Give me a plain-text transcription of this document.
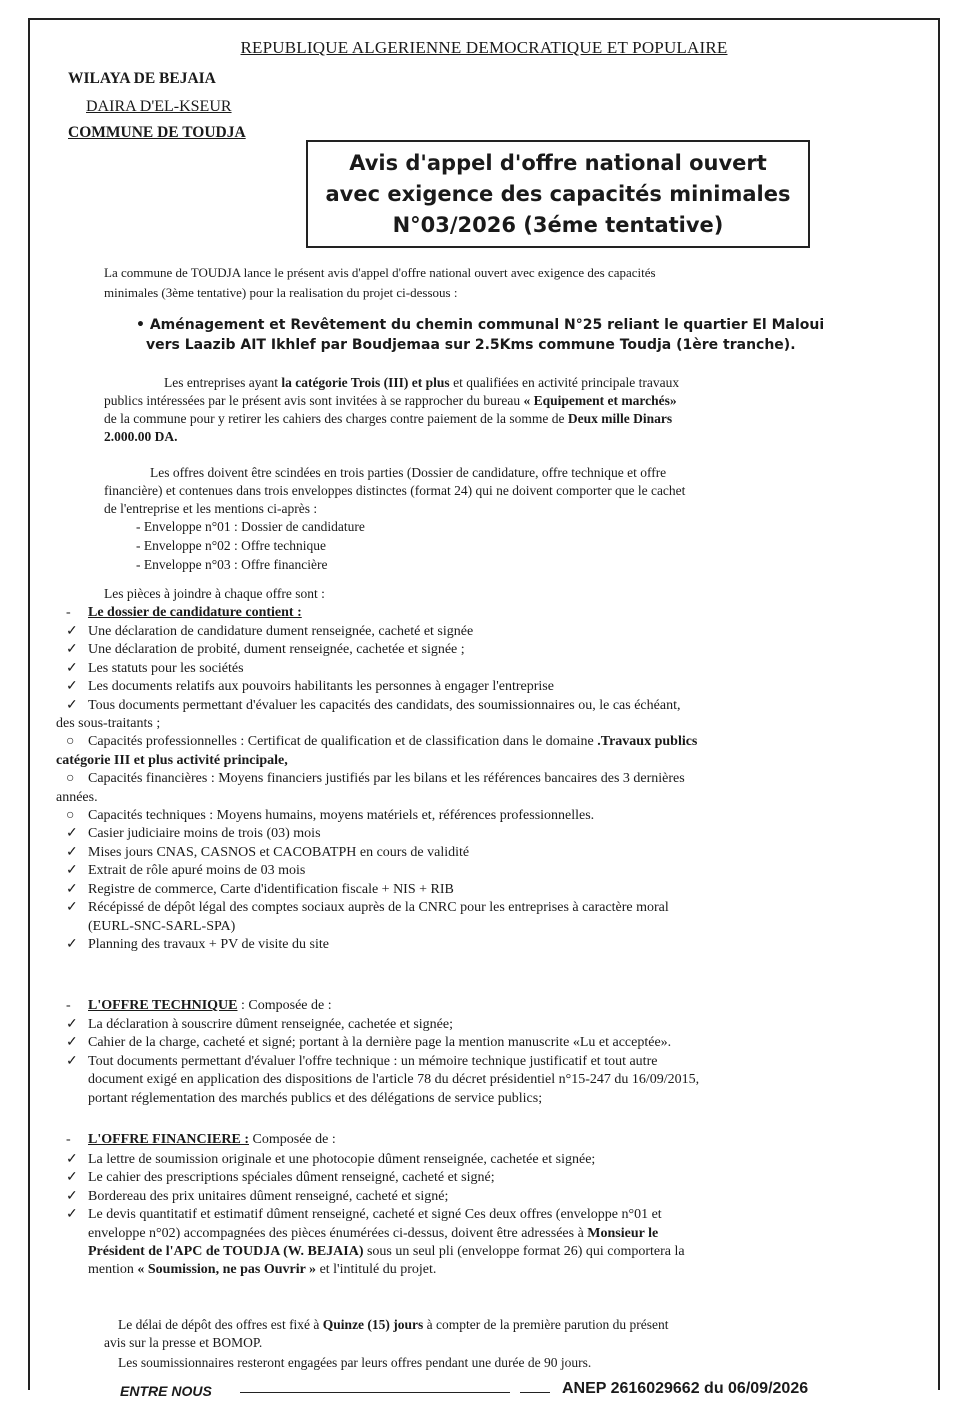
REPUBLIQUE ALGERIENNE DEMOCRATIQUE ET POPULAIRE
WILAYA DE BEJAIA
DAIRA D'EL-KSEUR
COMMUNE DE TOUDJA
Avis d'appel d'offre national ouvert
avec exigence des capacités minimales
N°03/2026 (3éme tentative)
La commune de TOUDJA lance le présent avis d'appel d'offre national ouvert avec exigence des capacités
minimales (3ème tentative) pour la realisation du projet ci-dessous :
• Aménagement et Revêtement du chemin communal N°25 reliant le quartier El Maloui
vers Laazib AIT Ikhlef par Boudjemaa sur 2.5Kms commune Toudja (1ère tranche).
Les entreprises ayant la catégorie Trois (III) et plus et qualifiées en activité principale travaux
publics intéressées par le présent avis sont invitées à se rapprocher du bureau « Equipement et marchés»
de la commune pour y retirer les cahiers des charges contre paiement de la somme de Deux mille Dinars
2.000.00 DA.
Les offres doivent être scindées en trois parties (Dossier de candidature, offre technique et offre
financière) et contenues dans trois enveloppes distinctes (format 24) qui ne doivent comporter que le cachet
de l'entreprise et les mentions ci-après :
- Enveloppe n°01 : Dossier de candidature
- Enveloppe n°02 : Offre technique
- Enveloppe n°03 : Offre financière
Les pièces à joindre à chaque offre sont :
- Le dossier de candidature contient :
✓ Une déclaration de candidature dument renseignée, cacheté et signée
✓ Une déclaration de probité, dument renseignée, cachetée et signée ;
✓ Les statuts pour les sociétés
✓ Les documents relatifs aux pouvoirs habilitants les personnes à engager l'entreprise
✓ Tous documents permettant d'évaluer les capacités des candidats, des soumissionnaires ou, le cas échéant,
des sous-traitants ;
○ Capacités professionnelles : Certificat de qualification et de classification dans le domaine .Travaux publics
catégorie III et plus activité principale,
○ Capacités financières : Moyens financiers justifiés par les bilans et les références bancaires des 3 dernières
années.
○ Capacités techniques : Moyens humains, moyens matériels et, références professionnelles.
✓ Casier judiciaire moins de trois (03) mois
✓ Mises jours CNAS, CASNOS et CACOBATPH en cours de validité
✓ Extrait de rôle apuré moins de 03 mois
✓ Registre de commerce, Carte d'identification fiscale + NIS + RIB
✓ Récépissé de dépôt légal des comptes sociaux auprès de la CNRC pour les entreprises à caractère moral
(EURL-SNC-SARL-SPA)
✓ Planning des travaux + PV de visite du site
- L'OFFRE TECHNIQUE : Composée de :
✓ La déclaration à souscrire dûment renseignée, cachetée et signée;
✓ Cahier de la charge, cacheté et signé; portant à la dernière page la mention manuscrite «Lu et acceptée».
✓ Tout documents permettant d'évaluer l'offre technique : un mémoire technique justificatif et tout autre
document exigé en application des dispositions de l'article 78 du décret présidentiel n°15-247 du 16/09/2015,
portant réglementation des marchés publics et des délégations de service publics;
- L'OFFRE FINANCIERE : Composée de :
✓ La lettre de soumission originale et une photocopie dûment renseignée, cachetée et signée;
✓ Le cahier des prescriptions spéciales dûment renseigné, cacheté et signé;
✓ Bordereau des prix unitaires dûment renseigné, cacheté et signé;
✓ Le devis quantitatif et estimatif dûment renseigné, cacheté et signé Ces deux offres (enveloppe n°01 et
enveloppe n°02) accompagnées des pièces énumérées ci-dessus, doivent être adressées à Monsieur le
Président de l'APC de TOUDJA (W. BEJAIA) sous un seul pli (enveloppe format 26) qui comportera la
mention « Soumission, ne pas Ouvrir » et l'intitulé du projet.
Le délai de dépôt des offres est fixé à Quinze (15) jours à compter de la première parution du présent
avis sur la presse et BOMOP.
Les soumissionnaires resteront engagées par leurs offres pendant une durée de 90 jours.
ENTRE NOUS	ANEP 2616029662 du 06/09/2026
